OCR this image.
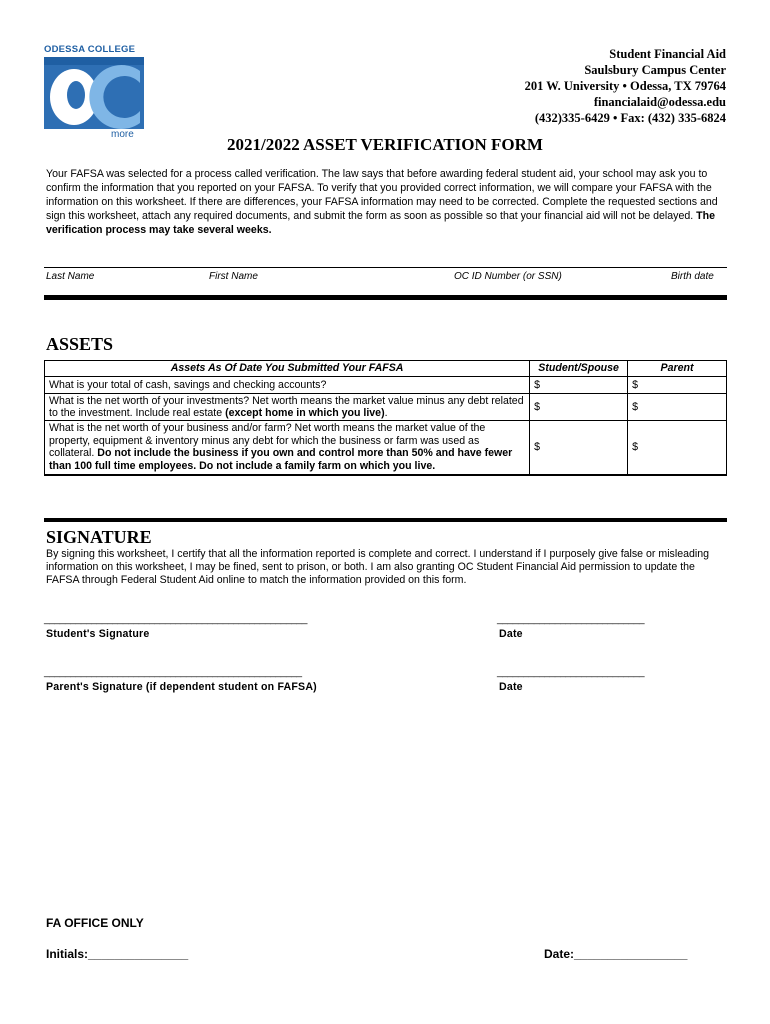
ODESSA COLLEGE
more
Student Financial Aid
Saulsbury Campus Center
201 W. University • Odessa, TX 79764
financialaid@odessa.edu
(432)335-6429 • Fax: (432) 335-6824
2021/2022 ASSET VERIFICATION FORM
Your FAFSA was selected for a process called verification. The law says that before awarding federal student aid, your school may ask you to confirm the information that you reported on your FAFSA. To verify that you provided correct information, we will compare your FAFSA with the information on this worksheet. If there are differences, your FAFSA information may need to be corrected. Complete the requested sections and sign this worksheet, attach any required documents, and submit the form as soon as possible so that your financial aid will not be delayed. The verification process may take several weeks.
Last Name	First Name	OC ID Number (or SSN)	Birth date
ASSETS
Assets As Of Date You Submitted Your FAFSA	Student/Spouse	Parent
What is your total of cash, savings and checking accounts?	$	$
What is the net worth of your investments? Net worth means the market value minus any debt related to the investment. Include real estate (except home in which you live).	$	$
What is the net worth of your business and/or farm? Net worth means the market value of the property, equipment & inventory minus any debt for which the business or farm was used as collateral. Do not include the business if you own and control more than 50% and have fewer than 100 full time employees. Do not include a family farm on which you live.	$	$
SIGNATURE
By signing this worksheet, I certify that all the information reported is complete and correct. I understand if I purposely give false or misleading information on this worksheet, I may be fined, sent to prison, or both. I am also granting OC Student Financial Aid permission to update the FAFSA through Federal Student Aid online to match the information provided on this form.
__________________________________________________
Student's Signature
____________________________
Date
_________________________________________________
Parent's Signature (if dependent student on FAFSA)
____________________________
Date
FA OFFICE ONLY
Initials:_______________	Date:_________________
